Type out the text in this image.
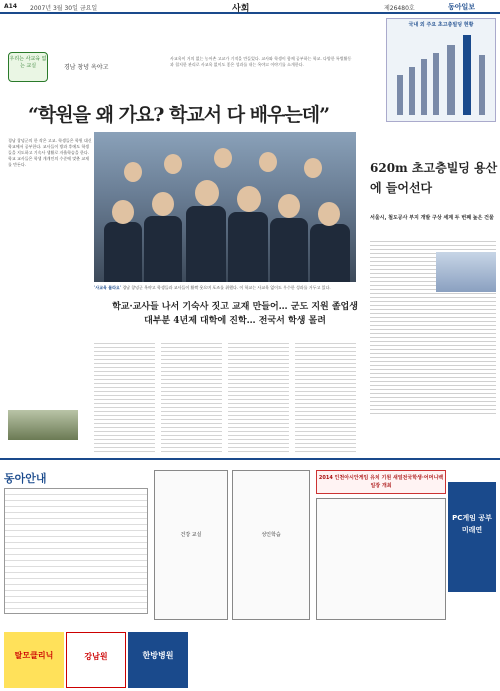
A14 2007년 3월 30일 금요일	사회	제26480호	동아일보
우리는 사교육 없는 교실	경남 창녕 옥야고
사교육이 거의 없는 농어촌 고교가 기적을 만들었다. 교사와 학생이 함께 공부하는 학교. 다양한 특별활동과 철저한 관리로 사교육 없이도 좋은 성과를 내는 옥야고 이야기를 소개한다.
“학원을 왜 가요? 학교서 다 배우는데”
경남 창녕군의 한 작은 고교. 학생들은 학원 대신 학교에서 공부한다. 교사들이 방과 후에도 학생들을 지도하고 기숙사 생활로 자율학습을 한다. 학교 교사들은 학생 개개인의 수준에 맞춘 교재를 만든다.
'사교육 몰라요' 경남 창녕군 옥야고 학생들과 교사들이 활짝 웃으며 포즈를 취했다. 이 학교는 사교육 없이도 우수한 성과를 거두고 있다.
학교·교사들 나서 기숙사 짓고 교재 만들어… 군도 지원 졸업생 대부분 4년제 대학에 진학… 전국서 학생 몰려
국내 외 주요 초고층빌딩 현황
620m 초고층빌딩 용산에 들어선다
서울시, 철도공사 부지 개발 구상 세계 두 번째 높은 건물
동아안내
건강 교실	성인학습
2014 인천아시안게임 유치 기원 새얼전국학생·어머니백일장 개최
PC게임 공부 미래연
탈모클리닉	강남원	한방병원
